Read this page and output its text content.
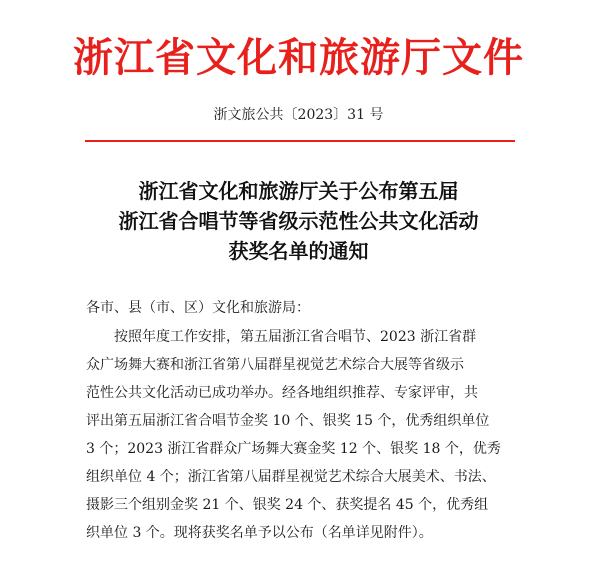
浙江省文化和旅游厅文件
浙文旅公共〔2023〕31 号
浙江省文化和旅游厅关于公布第五届
浙江省合唱节等省级示范性公共文化活动
获奖名单的通知
各市、县（市、区）文化和旅游局：
按照年度工作安排，第五届浙江省合唱节、2023 浙江省群
众广场舞大赛和浙江省第八届群星视觉艺术综合大展等省级示
范性公共文化活动已成功举办。经各地组织推荐、专家评审，共
评出第五届浙江省合唱节金奖 10 个、银奖 15 个，优秀组织单位
3 个；2023 浙江省群众广场舞大赛金奖 12 个、银奖 18 个，优秀
组织单位 4 个；浙江省第八届群星视觉艺术综合大展美术、书法、
摄影三个组别金奖 21 个、银奖 24 个、获奖提名 45 个，优秀组
织单位 3 个。现将获奖名单予以公布（名单详见附件）。
